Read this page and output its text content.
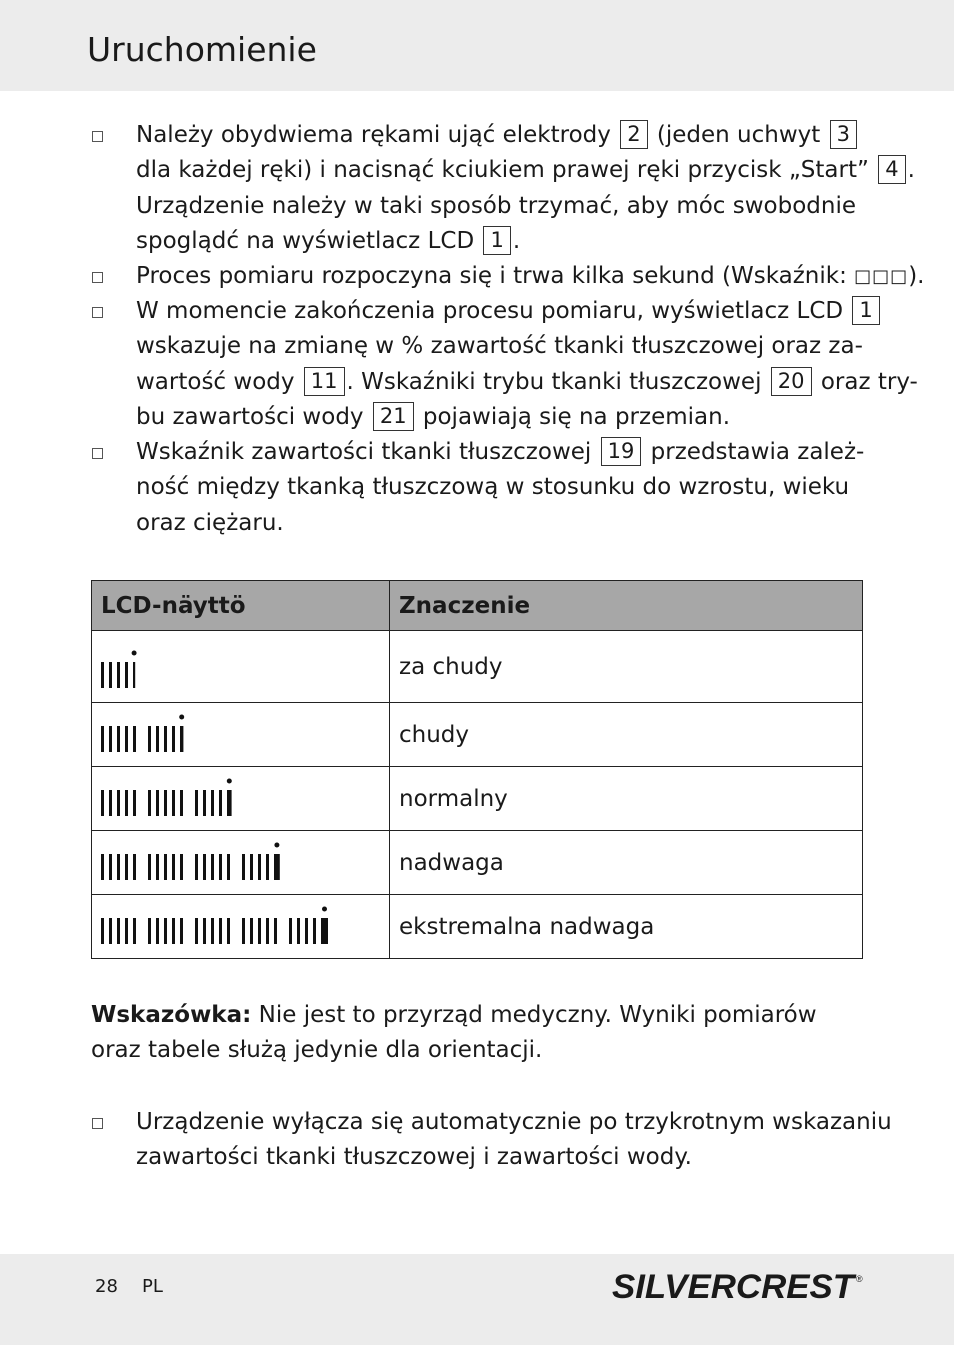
Uruchomienie
Należy obydwiema rękami ująć elektrody 2 (jeden uchwyt 3
dla każdej ręki) i nacisnąć kciukiem prawej ręki przycisk „Start” 4 .
Urządzenie należy w taki sposób trzymać, aby móc swobodnie
spoglądć na wyświetlacz LCD 1 .
Proces pomiaru rozpoczyna się i trwa kilka sekund (Wskaźnik: □□□).
W momencie zakończenia procesu pomiaru, wyświetlacz LCD 1
wskazuje na zmianę w % zawartość tkanki tłuszczowej oraz za-
wartość wody 11 . Wskaźniki trybu tkanki tłuszczowej 20 oraz try-
bu zawartości wody 21 pojawiają się na przemian.
Wskaźnik zawartości tkanki tłuszczowej 19 przedstawia zależ-
ność między tkanką tłuszczową w stosunku do wzrostu, wieku
oraz ciężaru.
LCD-näyttö	Znaczenie

	za chudy

	chudy

	normalny

	nadwaga

	ekstremalna nadwaga
Wskazówka: Nie jest to przyrząd medyczny. Wyniki pomiarów
oraz tabele służą jedynie dla orientacji.
Urządzenie wyłącza się automatycznie po trzykrotnym wskazaniu
zawartości tkanki tłuszczowej i zawartości wody.
28 PL	SILVERCREST
®
